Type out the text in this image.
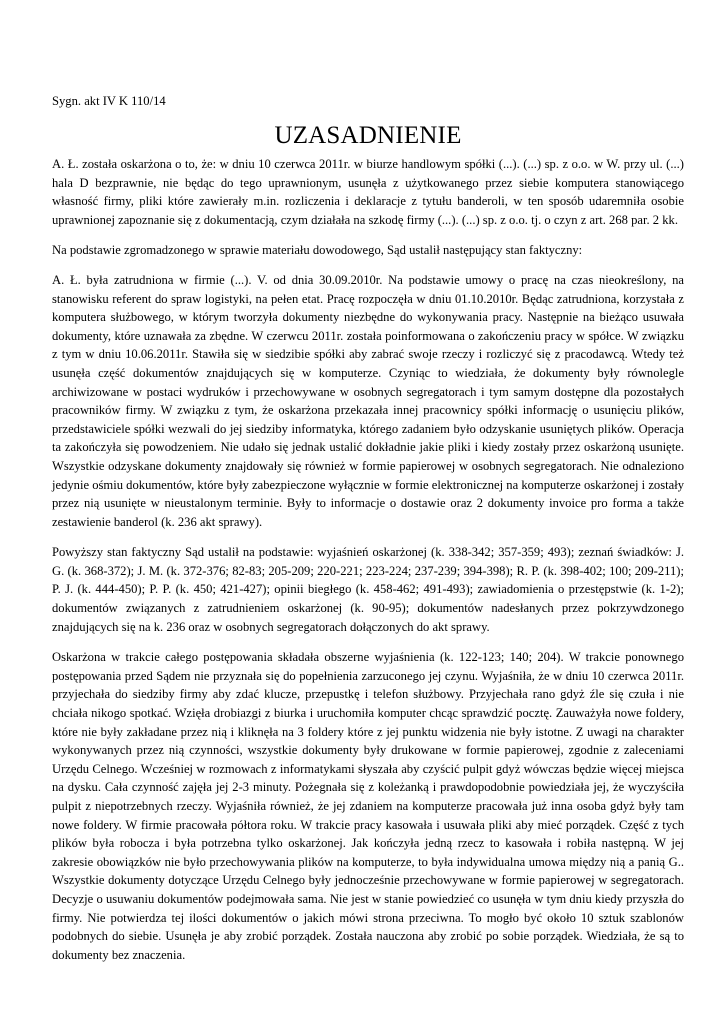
Sygn. akt IV K 110/14

UZASADNIENIE

A. Ł. została oskarżona o to, że: w dniu 10 czerwca 2011r. w biurze handlowym spółki (...). (...) sp. z o.o. w W. przy ul. (...) hala D bezprawnie, nie będąc do tego uprawnionym, usunęła z użytkowanego przez siebie komputera stanowiącego własność firmy, pliki które zawierały m.in. rozliczenia i deklaracje z tytułu banderoli, w ten sposób udaremniła osobie uprawnionej zapoznanie się z dokumentacją, czym działała na szkodę firmy (...). (...) sp. z o.o. tj. o czyn z art. 268 par. 2 kk.

Na podstawie zgromadzonego w sprawie materiału dowodowego, Sąd ustalił następujący stan faktyczny:

A. Ł. była zatrudniona w firmie (...). V. od dnia 30.09.2010r. Na podstawie umowy o pracę na czas nieokreślony, na stanowisku referent do spraw logistyki, na pełen etat. Pracę rozpoczęła w dniu 01.10.2010r. Będąc zatrudniona, korzystała z komputera służbowego, w którym tworzyła dokumenty niezbędne do wykonywania pracy. Następnie na bieżąco usuwała dokumenty, które uznawała za zbędne. W czerwcu 2011r. została poinformowana o zakończeniu pracy w spółce. W związku z tym w dniu 10.06.2011r. Stawiła się w siedzibie spółki aby zabrać swoje rzeczy i rozliczyć się z pracodawcą. Wtedy też usunęła część dokumentów znajdujących się w komputerze. Czyniąc to wiedziała, że dokumenty były równolegle archiwizowane w postaci wydruków i przechowywane w osobnych segregatorach i tym samym dostępne dla pozostałych pracowników firmy. W związku z tym, że oskarżona przekazała innej pracownicy spółki informację o usunięciu plików, przedstawiciele spółki wezwali do jej siedziby informatyka, którego zadaniem było odzyskanie usuniętych plików. Operacja ta zakończyła się powodzeniem. Nie udało się jednak ustalić dokładnie jakie pliki i kiedy zostały przez oskarżoną usunięte. Wszystkie odzyskane dokumenty znajdowały się również w formie papierowej w osobnych segregatorach. Nie odnaleziono jedynie ośmiu dokumentów, które były zabezpieczone wyłącznie w formie elektronicznej na komputerze oskarżonej i zostały przez nią usunięte w nieustalonym terminie. Były to informacje o dostawie oraz 2 dokumenty invoice pro forma a także zestawienie banderol (k. 236 akt sprawy).

Powyższy stan faktyczny Sąd ustalił na podstawie: wyjaśnień oskarżonej (k. 338-342; 357-359; 493); zeznań świadków: J. G. (k. 368-372); J. M. (k. 372-376; 82-83; 205-209; 220-221; 223-224; 237-239; 394-398); R. P. (k. 398-402; 100; 209-211); P. J. (k. 444-450); P. P. (k. 450; 421-427); opinii biegłego (k. 458-462; 491-493); zawiadomienia o przestępstwie (k. 1-2); dokumentów związanych z zatrudnieniem oskarżonej (k. 90-95); dokumentów nadesłanych przez pokrzywdzonego znajdujących się na k. 236 oraz w osobnych segregatorach dołączonych do akt sprawy.

Oskarżona w trakcie całego postępowania składała obszerne wyjaśnienia (k. 122-123; 140; 204). W trakcie ponownego postępowania przed Sądem nie przyznała się do popełnienia zarzuconego jej czynu. Wyjaśniła, że w dniu 10 czerwca 2011r. przyjechała do siedziby firmy aby zdać klucze, przepustkę i telefon służbowy. Przyjechała rano gdyż źle się czuła i nie chciała nikogo spotkać. Wzięła drobiazgi z biurka i uruchomiła komputer chcąc sprawdzić pocztę. Zauważyła nowe foldery, które nie były zakładane przez nią i kliknęła na 3 foldery które z jej punktu widzenia nie były istotne. Z uwagi na charakter wykonywanych przez nią czynności, wszystkie dokumenty były drukowane w formie papierowej, zgodnie z zaleceniami Urzędu Celnego. Wcześniej w rozmowach z informatykami słyszała aby czyścić pulpit gdyż wówczas będzie więcej miejsca na dysku. Cała czynność zajęła jej 2-3 minuty. Pożegnała się z koleżanką i prawdopodobnie powiedziała jej, że wyczyściła pulpit z niepotrzebnych rzeczy. Wyjaśniła również, że jej zdaniem na komputerze pracowała już inna osoba gdyż były tam nowe foldery. W firmie pracowała półtora roku. W trakcie pracy kasowała i usuwała pliki aby mieć porządek. Część z tych plików była robocza i była potrzebna tylko oskarżonej. Jak kończyła jedną rzecz to kasowała i robiła następną. W jej zakresie obowiązków nie było przechowywania plików na komputerze, to była indywidualna umowa między nią a panią G.. Wszystkie dokumenty dotyczące Urzędu Celnego były jednocześnie przechowywane w formie papierowej w segregatorach. Decyzje o usuwaniu dokumentów podejmowała sama. Nie jest w stanie powiedzieć co usunęła w tym dniu kiedy przyszła do firmy. Nie potwierdza tej ilości dokumentów o jakich mówi strona przeciwna. To mogło być około 10 sztuk szablonów podobnych do siebie. Usunęła je aby zrobić porządek. Została nauczona aby zrobić po sobie porządek. Wiedziała, że są to dokumenty bez znaczenia.
